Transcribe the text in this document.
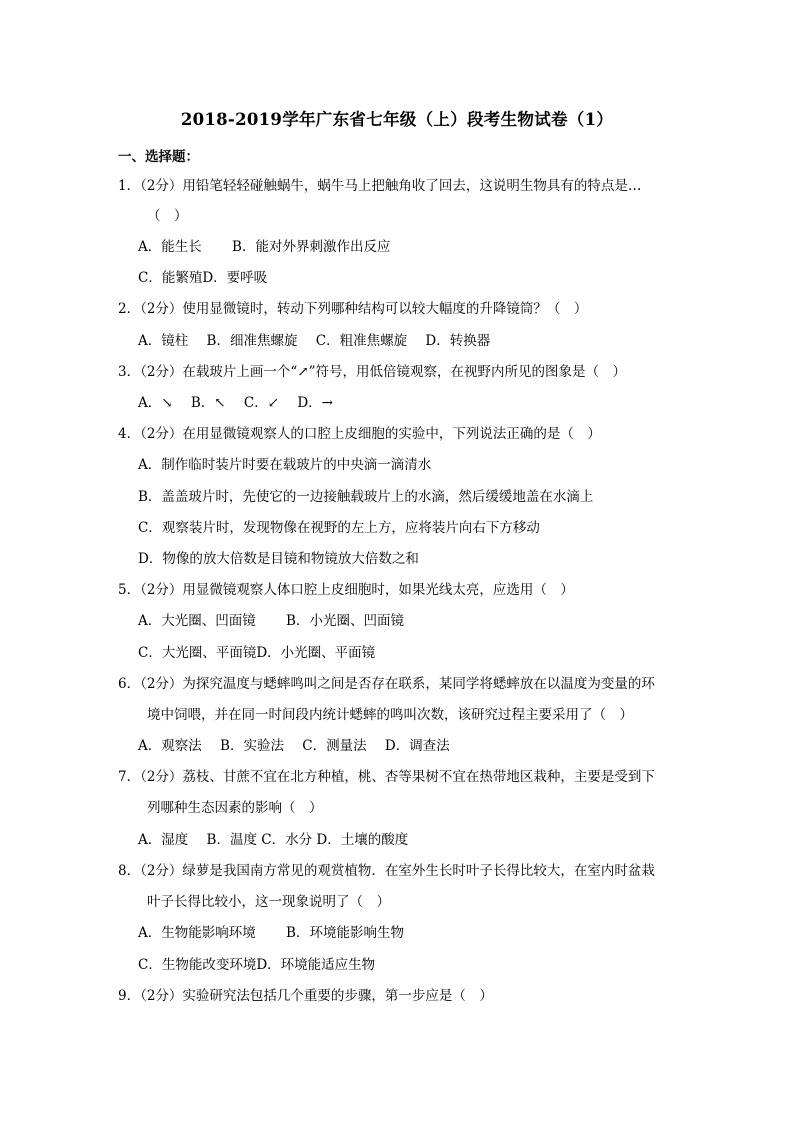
2018-2019学年广东省七年级（上）段考生物试卷（1）
一、选择题：
1．（2分）用铅笔轻轻碰触蜗牛，蜗牛马上把触角收了回去，这说明生物具有的特点是…
（　）
A．能生长 B．能对外界刺激作出反应
C．能繁殖D．要呼吸
2．（2分）使用显微镜时，转动下列哪种结构可以较大幅度的升降镜筒？（　）
A．镜柱 B．细准焦螺旋 C．粗准焦螺旋 D．转换器
3．（2分）在载玻片上画一个“↗”符号，用低倍镜观察，在视野内所见的图象是（　）
A．↘ B．↖ C．↙ D．→
4．（2分）在用显微镜观察人的口腔上皮细胞的实验中，下列说法正确的是（　）
A．制作临时装片时要在载玻片的中央滴一滴清水
B．盖盖玻片时，先使它的一边接触载玻片上的水滴，然后缓缓地盖在水滴上
C．观察装片时，发现物像在视野的左上方，应将装片向右下方移动
D．物像的放大倍数是目镜和物镜放大倍数之和
5．（2分）用显微镜观察人体口腔上皮细胞时，如果光线太亮，应选用（　）
A．大光圈、凹面镜 B．小光圈、凹面镜
C．大光圈、平面镜D．小光圈、平面镜
6．（2分）为探究温度与蟋蟀鸣叫之间是否存在联系，某同学将蟋蟀放在以温度为变量的环
境中饲喂，并在同一时间段内统计蟋蟀的鸣叫次数，该研究过程主要采用了（　）
A．观察法 B．实验法 C．测量法 D．调查法
7．（2分）荔枝、甘蔗不宜在北方种植，桃、杏等果树不宜在热带地区栽种，主要是受到下
列哪种生态因素的影响（　）
A．湿度 B．温度 C．水分 D．土壤的酸度
8．（2分）绿萝是我国南方常见的观赏植物．在室外生长时叶子长得比较大，在室内时盆栽
叶子长得比较小，这一现象说明了（　）
A．生物能影响环境 B．环境能影响生物
C．生物能改变环境D．环境能适应生物
9．（2分）实验研究法包括几个重要的步骤，第一步应是（　）
